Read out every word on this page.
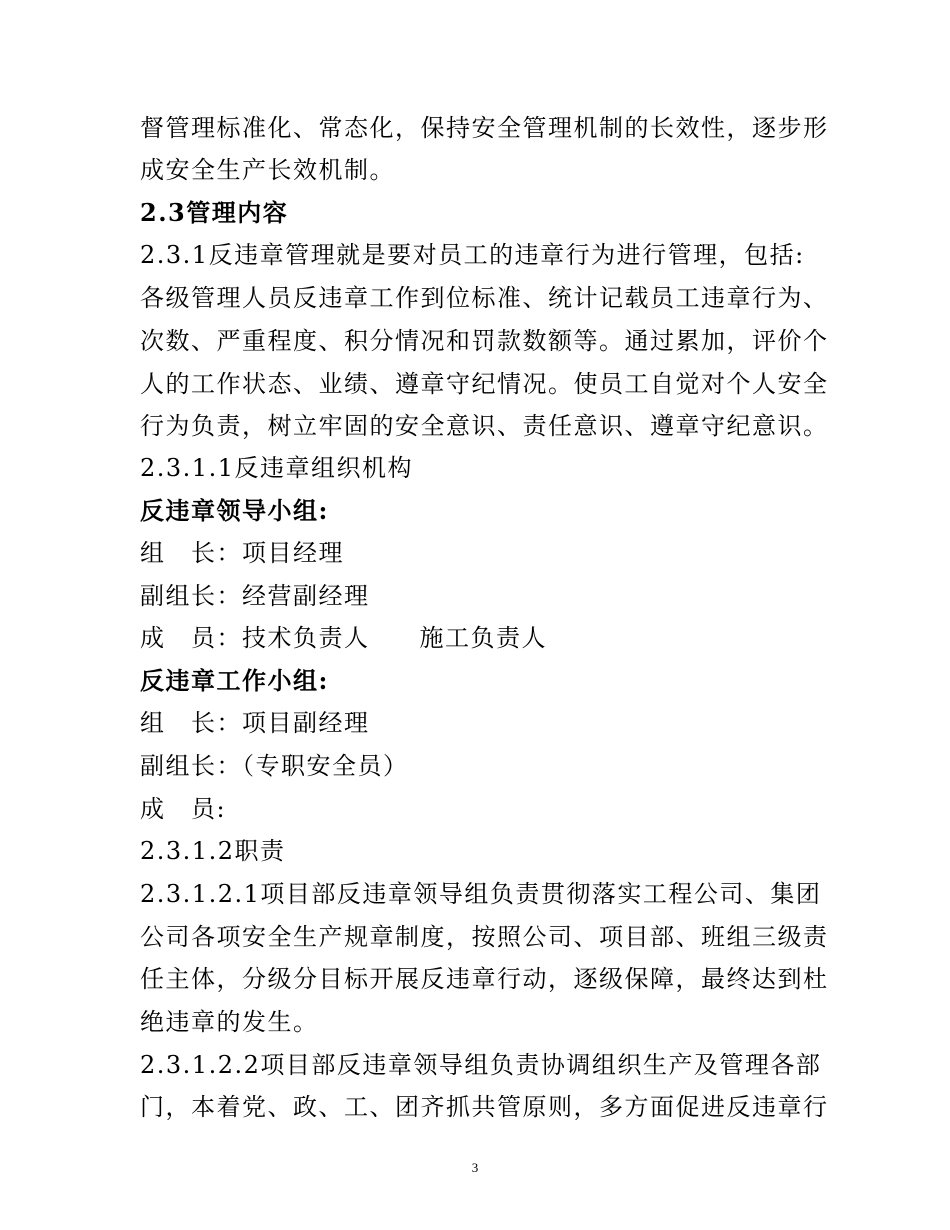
督管理标准化、常态化，保持安全管理机制的长效性，逐步形
成安全生产长效机制。
2.3管理内容
2.3.1反违章管理就是要对员工的违章行为进行管理，包括:
各级管理人员反违章工作到位标准、统计记载员工违章行为、
次数、严重程度、积分情况和罚款数额等。通过累加，评价个
人的工作状态、业绩、遵章守纪情况。使员工自觉对个人安全
行为负责，树立牢固的安全意识、责任意识、遵章守纪意识。
2.3.1.1反违章组织机构
反违章领导小组:
组　长：项目经理
副组长：经营副经理
成　员：技术负责人 施工负责人
反违章工作小组:
组　长：项目副经理
副组长：（专职安全员）
成　员:
2.3.1.2职责
2.3.1.2.1项目部反违章领导组负责贯彻落实工程公司、集团
公司各项安全生产规章制度，按照公司、项目部、班组三级责
任主体，分级分目标开展反违章行动，逐级保障，最终达到杜
绝违章的发生。
2.3.1.2.2项目部反违章领导组负责协调组织生产及管理各部
门，本着党、政、工、团齐抓共管原则，多方面促进反违章行
3
